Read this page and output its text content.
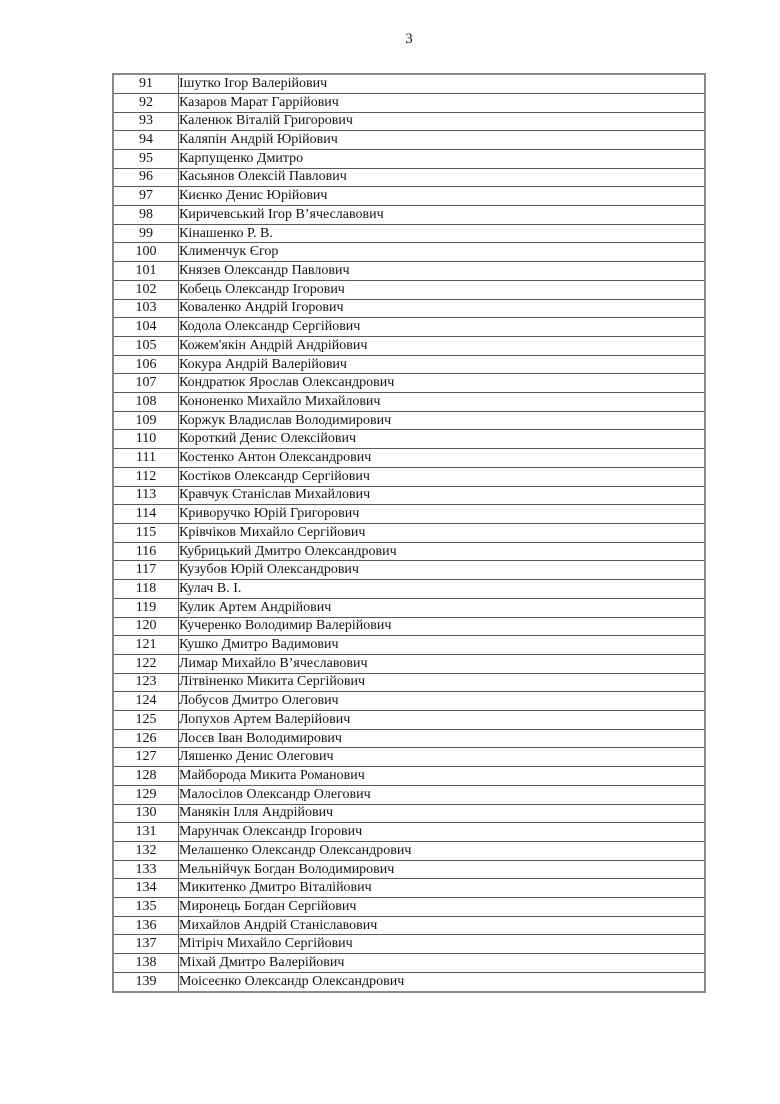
3
91	Ішутко Ігор Валерійович
92	Казаров Марат Гаррійович
93	Каленюк Віталій Григорович
94	Каляпін Андрій Юрійович
95	Карпущенко Дмитро
96	Касьянов Олексій Павлович
97	Києнко Денис Юрійович
98	Киричевський Ігор В’ячеславович
99	Кінашенко Р. В.
100	Клименчук Єгор
101	Князев Олександр Павлович
102	Кобець Олександр Ігорович
103	Коваленко Андрій Ігорович
104	Кодола Олександр Сергійович
105	Кожем'якін Андрій Андрійович
106	Кокура Андрій Валерійович
107	Кондратюк Ярослав Олександрович
108	Кононенко Михайло Михайлович
109	Коржук Владислав Володимирович
110	Короткий Денис Олексійович
111	Костенко Антон Олександрович
112	Костіков Олександр Сергійович
113	Кравчук Станіслав Михайлович
114	Криворучко Юрій Григорович
115	Крівчіков Михайло Сергійович
116	Кубрицький Дмитро Олександрович
117	Кузубов Юрій Олександрович
118	Кулач В. І.
119	Кулик Артем Андрійович
120	Кучеренко Володимир Валерійович
121	Кушко Дмитро Вадимович
122	Лимар Михайло В’ячеславович
123	Літвіненко Микита Сергійович
124	Лобусов Дмитро Олегович
125	Лопухов Артем Валерійович
126	Лосєв Іван Володимирович
127	Ляшенко Денис Олегович
128	Майборода Микита Романович
129	Малосілов Олександр Олегович
130	Манякін Ілля Андрійович
131	Марунчак Олександр Ігорович
132	Мелашенко Олександр Олександрович
133	Мельнійчук Богдан Володимирович
134	Микитенко Дмитро Віталійович
135	Миронець Богдан Сергійович
136	Михайлов Андрій Станіславович
137	Мітіріч Михайло Сергійович
138	Міхай Дмитро Валерійович
139	Моісеєнко Олександр Олександрович
